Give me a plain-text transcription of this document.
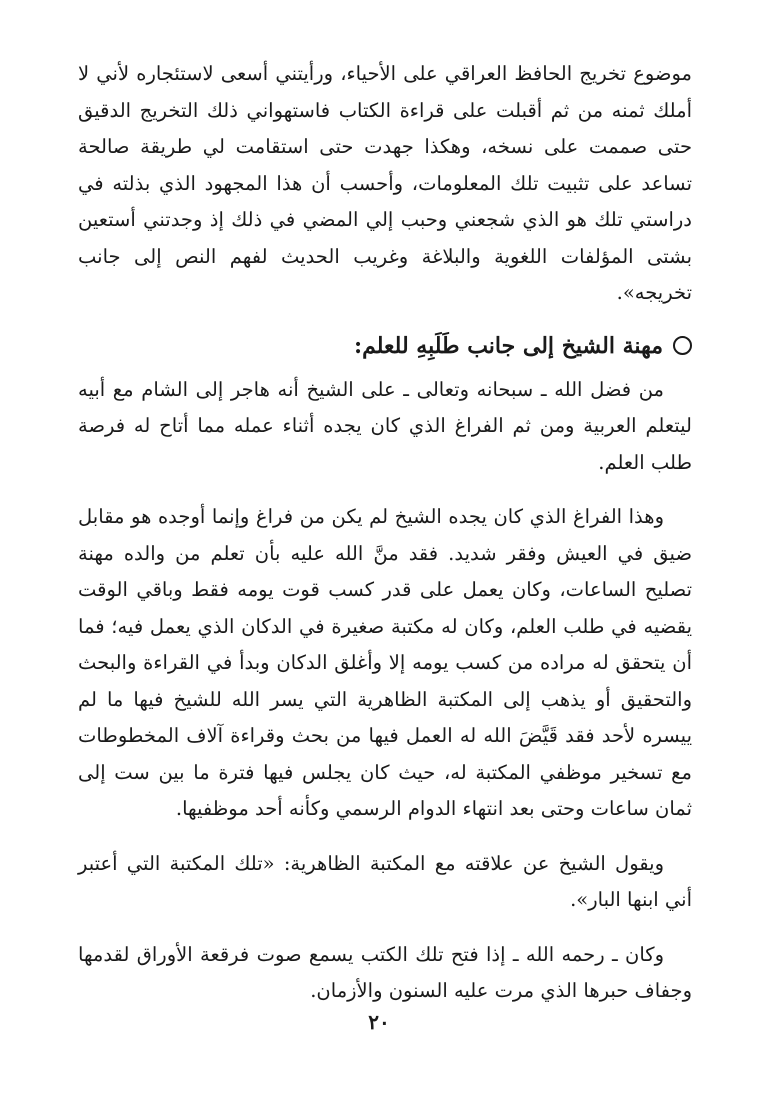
موضوع تخريج الحافظ العراقي على الأحياء، ورأيتني أسعى لاستئجاره لأني لا أملك ثمنه من ثم أقبلت على قراءة الكتاب فاستهواني ذلك التخريج الدقيق حتى صممت على نسخه، وهكذا جهدت حتى استقامت لي طريقة صالحة تساعد على تثبيت تلك المعلومات، وأحسب أن هذا المجهود الذي بذلته في دراستي تلك هو الذي شجعني وحبب إلي المضي في ذلك إذ وجدتني أستعين بشتى المؤلفات اللغوية والبلاغة وغريب الحديث لفهم النص إلى جانب تخريجه».

مهنة الشيخ إلى جانب طَلَبِهِ للعلم:

من فضل الله ـ سبحانه وتعالى ـ على الشيخ أنه هاجر إلى الشام مع أبيه ليتعلم العربية ومن ثم الفراغ الذي كان يجده أثناء عمله مما أتاح له فرصة طلب العلم.

وهذا الفراغ الذي كان يجده الشيخ لم يكن من فراغ وإنما أوجده هو مقابل ضيق في العيش وفقر شديد. فقد منَّ الله عليه بأن تعلم من والده مهنة تصليح الساعات، وكان يعمل على قدر كسب قوت يومه فقط وباقي الوقت يقضيه في طلب العلم، وكان له مكتبة صغيرة في الدكان الذي يعمل فيه؛ فما أن يتحقق له مراده من كسب يومه إلا وأغلق الدكان وبدأ في القراءة والبحث والتحقيق أو يذهب إلى المكتبة الظاهرية التي يسر الله للشيخ فيها ما لم ييسره لأحد فقد قَيَّضَ الله له العمل فيها من بحث وقراءة آلاف المخطوطات مع تسخير موظفي المكتبة له، حيث كان يجلس فيها فترة ما بين ست إلى ثمان ساعات وحتى بعد انتهاء الدوام الرسمي وكأنه أحد موظفيها.

ويقول الشيخ عن علاقته مع المكتبة الظاهرية: «تلك المكتبة التي أعتبر أني ابنها البار».

وكان ـ رحمه الله ـ إذا فتح تلك الكتب يسمع صوت فرقعة الأوراق لقدمها وجفاف حبرها الذي مرت عليه السنون والأزمان.

٢٠
